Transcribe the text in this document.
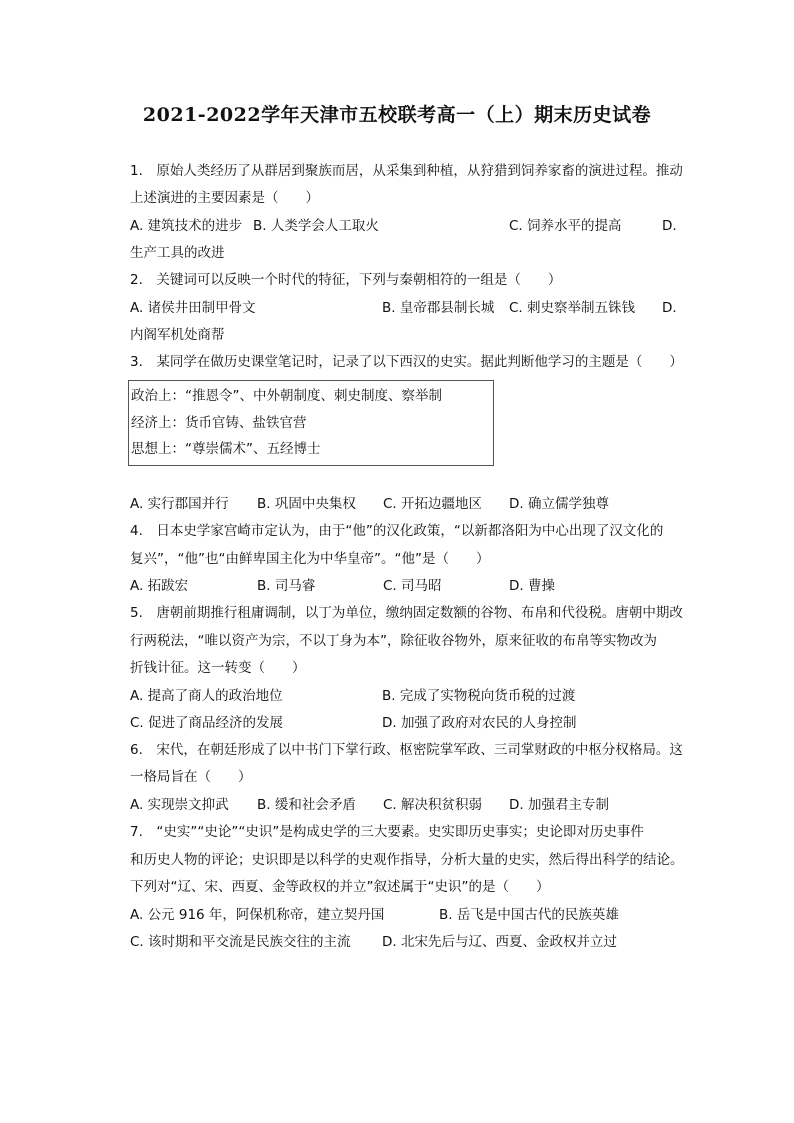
2021-2022学年天津市五校联考高一（上）期末历史试卷
1.　原始人类经历了从群居到聚族而居，从采集到种植，从狩猎到饲养家畜的演进过程。推动
上述演进的主要因素是（　　）
A. 建筑技术的进步 B. 人类学会人工取火	C. 饲养水平的提高	D.
生产工具的改进
2.　关键词可以反映一个时代的特征，下列与秦朝相符的一组是（　　）
A. 诸侯井田制甲骨文	B. 皇帝郡县制长城 C. 刺史察举制五铢钱 D.
内阁军机处商帮
3.　某同学在做历史课堂笔记时，记录了以下西汉的史实。据此判断他学习的主题是（　　）
政治上：“推恩令”、中外朝制度、刺史制度、察举制
经济上：货币官铸、盐铁官营
思想上：“尊崇儒术”、五经博士
A. 实行郡国并行 B. 巩固中央集权 C. 开拓边疆地区 D. 确立儒学独尊
4.　日本史学家宫崎市定认为，由于“他”的汉化政策，“以新都洛阳为中心出现了汉文化的
复兴”，“他”也“由鲜卑国主化为中华皇帝”。“他”是（　　）
A. 拓跋宏	B. 司马睿	C. 司马昭	D. 曹操
5.　唐朝前期推行租庸调制，以丁为单位，缴纳固定数额的谷物、布帛和代役税。唐朝中期改
行两税法，“唯以资产为宗，不以丁身为本”，除征收谷物外，原来征收的布帛等实物改为
折钱计征。这一转变（　　）
A. 提高了商人的政治地位	B. 完成了实物税向货币税的过渡
C. 促进了商品经济的发展	D. 加强了政府对农民的人身控制
6.　宋代，在朝廷形成了以中书门下掌行政、枢密院掌军政、三司掌财政的中枢分权格局。这
一格局旨在（　　）
A. 实现崇文抑武 B. 缓和社会矛盾 C. 解决积贫积弱 D. 加强君主专制
7.　“史实”“史论”“史识”是构成史学的三大要素。史实即历史事实；史论即对历史事件
和历史人物的评论；史识即是以科学的史观作指导，分析大量的史实，然后得出科学的结论。
下列对“辽、宋、西夏、金等政权的并立”叙述属于“史识”的是（　　）
A. 公元 916 年，阿保机称帝，建立契丹国	B. 岳飞是中国古代的民族英雄
C. 该时期和平交流是民族交往的主流 D. 北宋先后与辽、西夏、金政权并立过
